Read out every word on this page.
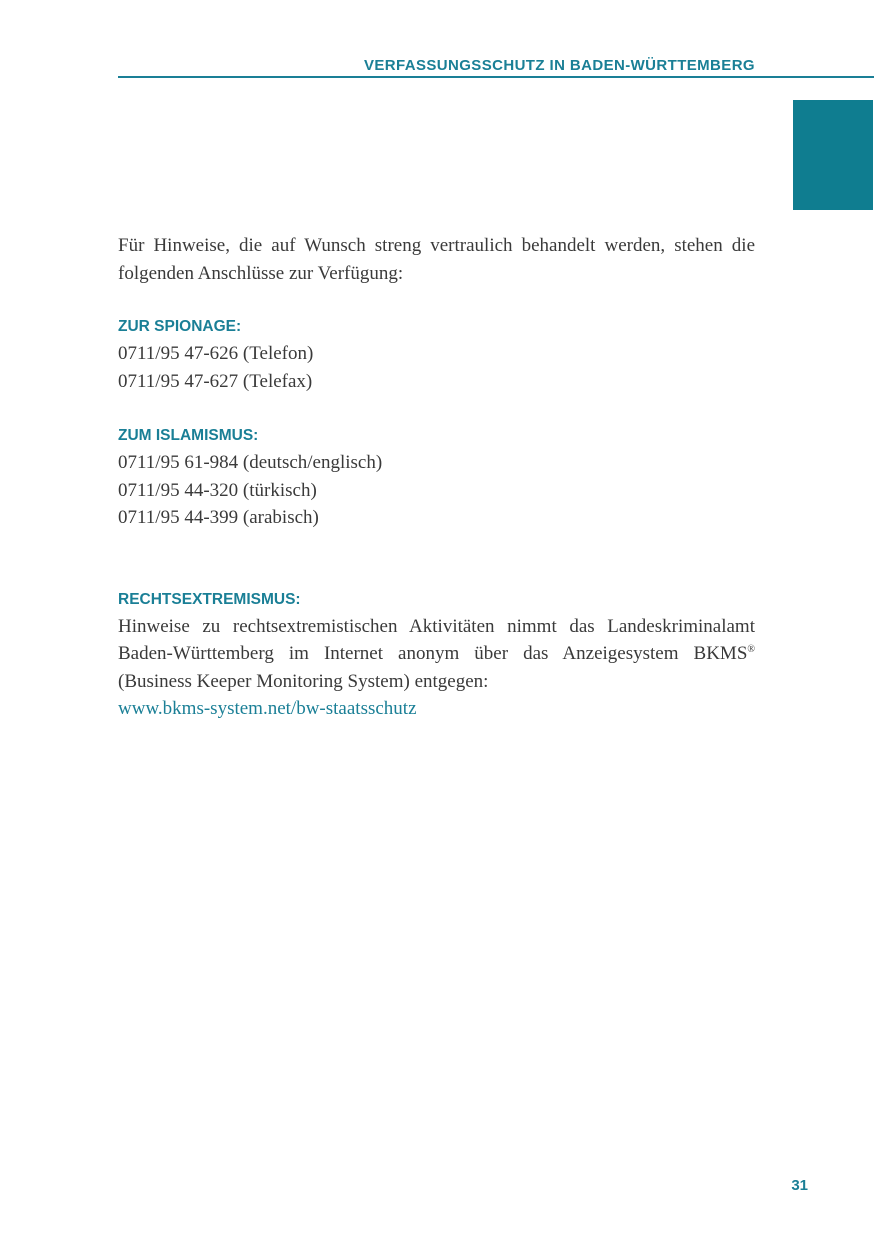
VERFASSUNGSSCHUTZ IN BADEN-WÜRTTEMBERG

Für Hinweise, die auf Wunsch streng vertraulich behandelt werden, stehen die folgenden Anschlüsse zur Verfügung:

ZUR SPIONAGE:

0711/95 47-626 (Telefon)

0711/95 47-627 (Telefax)

ZUM ISLAMISMUS:

0711/95 61-984 (deutsch/englisch)

0711/95 44-320 (türkisch)

0711/95 44-399 (arabisch)

RECHTSEXTREMISMUS:

Hinweise zu rechtsextremistischen Aktivitäten nimmt das Landeskriminalamt Baden-Württemberg im Internet anonym über das Anzeigesystem BKMS® (Business Keeper Monitoring System) entgegen:

www.bkms-system.net/bw-staatsschutz
31
